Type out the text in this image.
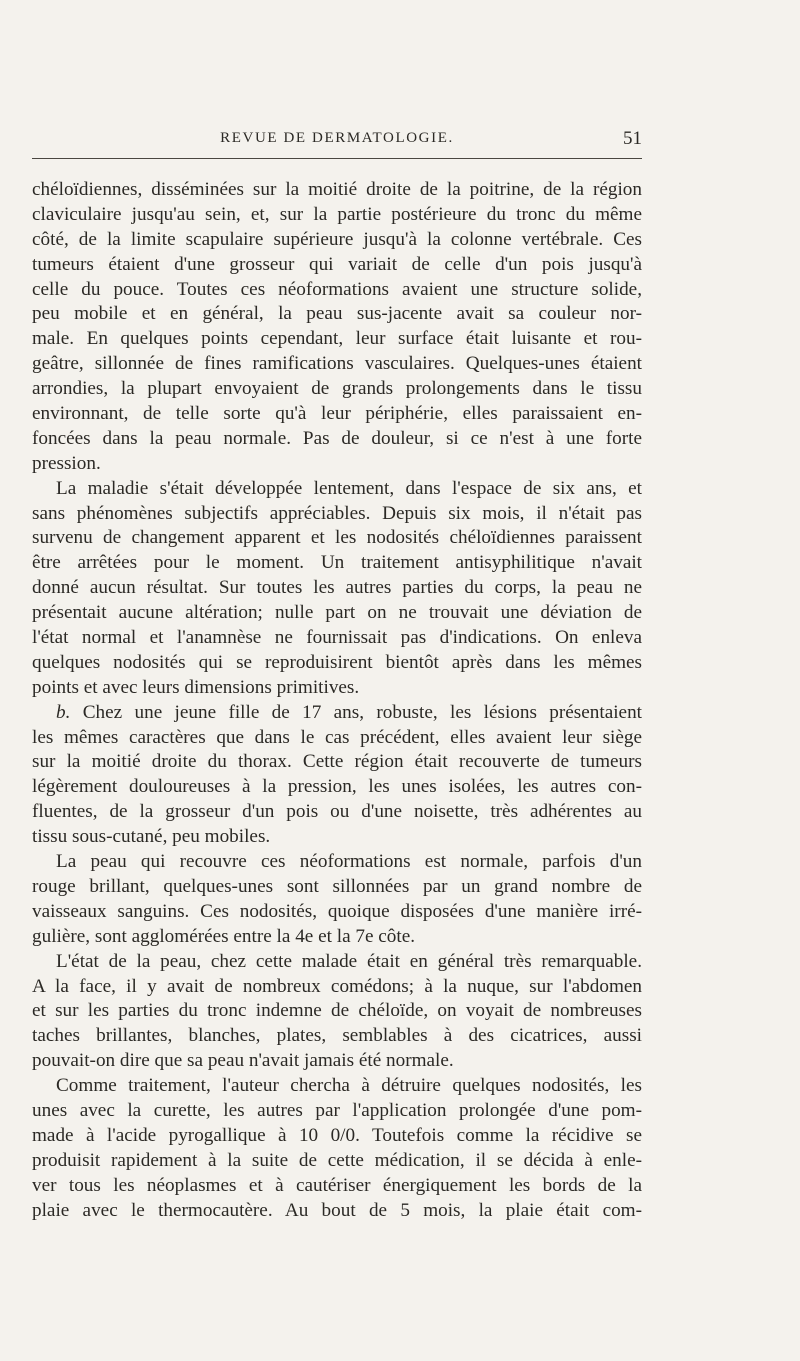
REVUE DE DERMATOLOGIE.	51
chéloïdiennes, disséminées sur la moitié droite de la poitrine, de la région
claviculaire jusqu'au sein, et, sur la partie postérieure du tronc du même
côté, de la limite scapulaire supérieure jusqu'à la colonne vertébrale. Ces
tumeurs étaient d'une grosseur qui variait de celle d'un pois jusqu'à
celle du pouce. Toutes ces néoformations avaient une structure solide,
peu mobile et en général, la peau sus-jacente avait sa couleur nor-
male. En quelques points cependant, leur surface était luisante et rou-
geâtre, sillonnée de fines ramifications vasculaires. Quelques-unes étaient
arrondies, la plupart envoyaient de grands prolongements dans le tissu
environnant, de telle sorte qu'à leur périphérie, elles paraissaient en-
foncées dans la peau normale. Pas de douleur, si ce n'est à une forte
pression.
La maladie s'était développée lentement, dans l'espace de six ans, et
sans phénomènes subjectifs appréciables. Depuis six mois, il n'était pas
survenu de changement apparent et les nodosités chéloïdiennes paraissent
être arrêtées pour le moment. Un traitement antisyphilitique n'avait
donné aucun résultat. Sur toutes les autres parties du corps, la peau ne
présentait aucune altération; nulle part on ne trouvait une déviation de
l'état normal et l'anamnèse ne fournissait pas d'indications. On enleva
quelques nodosités qui se reproduisirent bientôt après dans les mêmes
points et avec leurs dimensions primitives.
b. Chez une jeune fille de 17 ans, robuste, les lésions présentaient
les mêmes caractères que dans le cas précédent, elles avaient leur siège
sur la moitié droite du thorax. Cette région était recouverte de tumeurs
légèrement douloureuses à la pression, les unes isolées, les autres con-
fluentes, de la grosseur d'un pois ou d'une noisette, très adhérentes au
tissu sous-cutané, peu mobiles.
La peau qui recouvre ces néoformations est normale, parfois d'un
rouge brillant, quelques-unes sont sillonnées par un grand nombre de
vaisseaux sanguins. Ces nodosités, quoique disposées d'une manière irré-
gulière, sont agglomérées entre la 4e et la 7e côte.
L'état de la peau, chez cette malade était en général très remarquable.
A la face, il y avait de nombreux comédons; à la nuque, sur l'abdomen
et sur les parties du tronc indemne de chéloïde, on voyait de nombreuses
taches brillantes, blanches, plates, semblables à des cicatrices, aussi
pouvait-on dire que sa peau n'avait jamais été normale.
Comme traitement, l'auteur chercha à détruire quelques nodosités, les
unes avec la curette, les autres par l'application prolongée d'une pom-
made à l'acide pyrogallique à 10 0/0. Toutefois comme la récidive se
produisit rapidement à la suite de cette médication, il se décida à enle-
ver tous les néoplasmes et à cautériser énergiquement les bords de la
plaie avec le thermocautère. Au bout de 5 mois, la plaie était com-
